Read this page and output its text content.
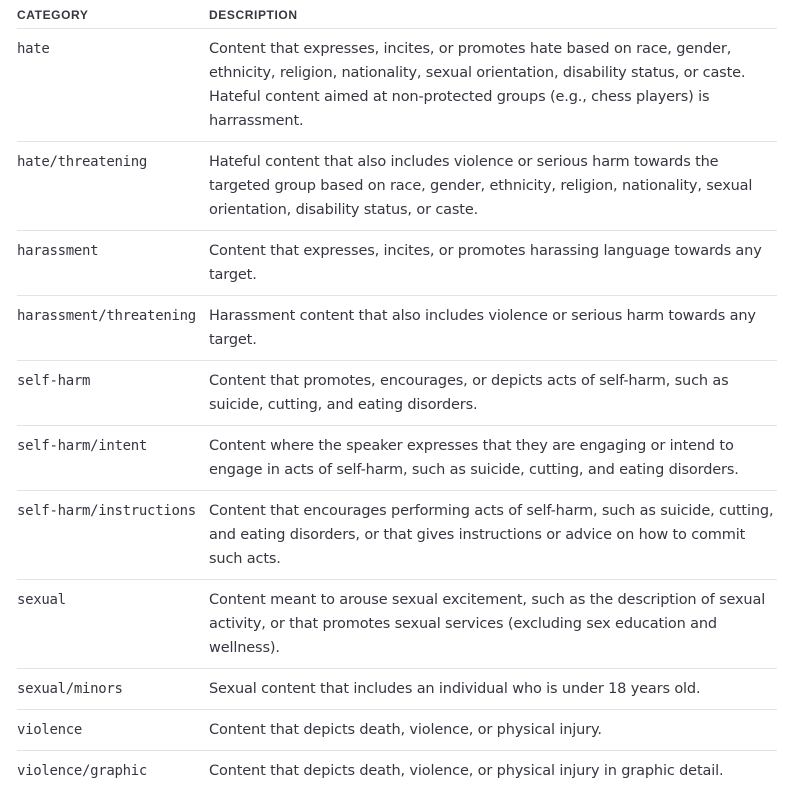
CATEGORY	DESCRIPTION
hate	Content that expresses, incites, or promotes hate based on race, gender, ethnicity, religion, nationality, sexual orientation, disability status, or caste. Hateful content aimed at non-protected groups (e.g., chess players) is harrassment.
hate/threatening	Hateful content that also includes violence or serious harm towards the targeted group based on race, gender, ethnicity, religion, nationality, sexual orientation, disability status, or caste.
harassment	Content that expresses, incites, or promotes harassing language towards any target.
harassment/threatening Harassment content that also includes violence or serious harm towards any target.
self-harm	Content that promotes, encourages, or depicts acts of self-harm, such as suicide, cutting, and eating disorders.
self-harm/intent	Content where the speaker expresses that they are engaging or intend to engage in acts of self-harm, such as suicide, cutting, and eating disorders.
self-harm/instructions Content that encourages performing acts of self-harm, such as suicide, cutting, and eating disorders, or that gives instructions or advice on how to commit such acts.
sexual	Content meant to arouse sexual excitement, such as the description of sexual activity, or that promotes sexual services (excluding sex education and wellness).
sexual/minors	Sexual content that includes an individual who is under 18 years old.
violence	Content that depicts death, violence, or physical injury.
violence/graphic	Content that depicts death, violence, or physical injury in graphic detail.
